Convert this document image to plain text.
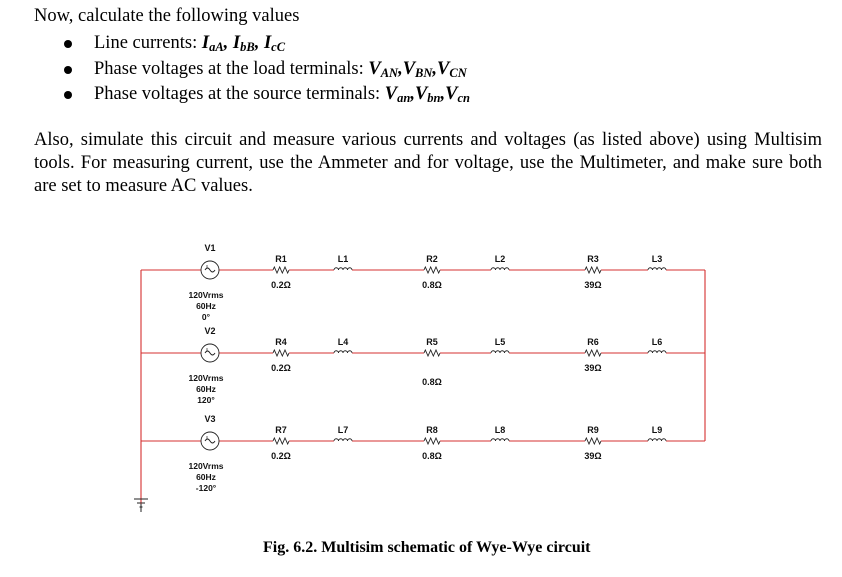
Now, calculate the following values
Line currents: IaA, IbB, IcC
Phase voltages at the load terminals: VAN,VBN,VCN
Phase voltages at the source terminals: Van,Vbn,Vcn
Also, simulate this circuit and measure various currents and voltages (as listed above) using Multisim tools. For measuring current, use the Ammeter and for voltage, use the Multimeter, and make sure both are set to measure AC values.
V1
120Vrms
60Hz
0°
R1
0.2Ω
L1	R2
0.8Ω
L2	R3
39Ω
L3
V2
120Vrms
60Hz
120°
R4
0.2Ω
L4	R5
0.8Ω
L5	R6
39Ω
L6
V3
120Vrms
60Hz
-120°
R7
0.2Ω
L7	R8
0.8Ω
L8	R9
39Ω
L9
Fig. 6.2. Multisim schematic of Wye-Wye circuit
